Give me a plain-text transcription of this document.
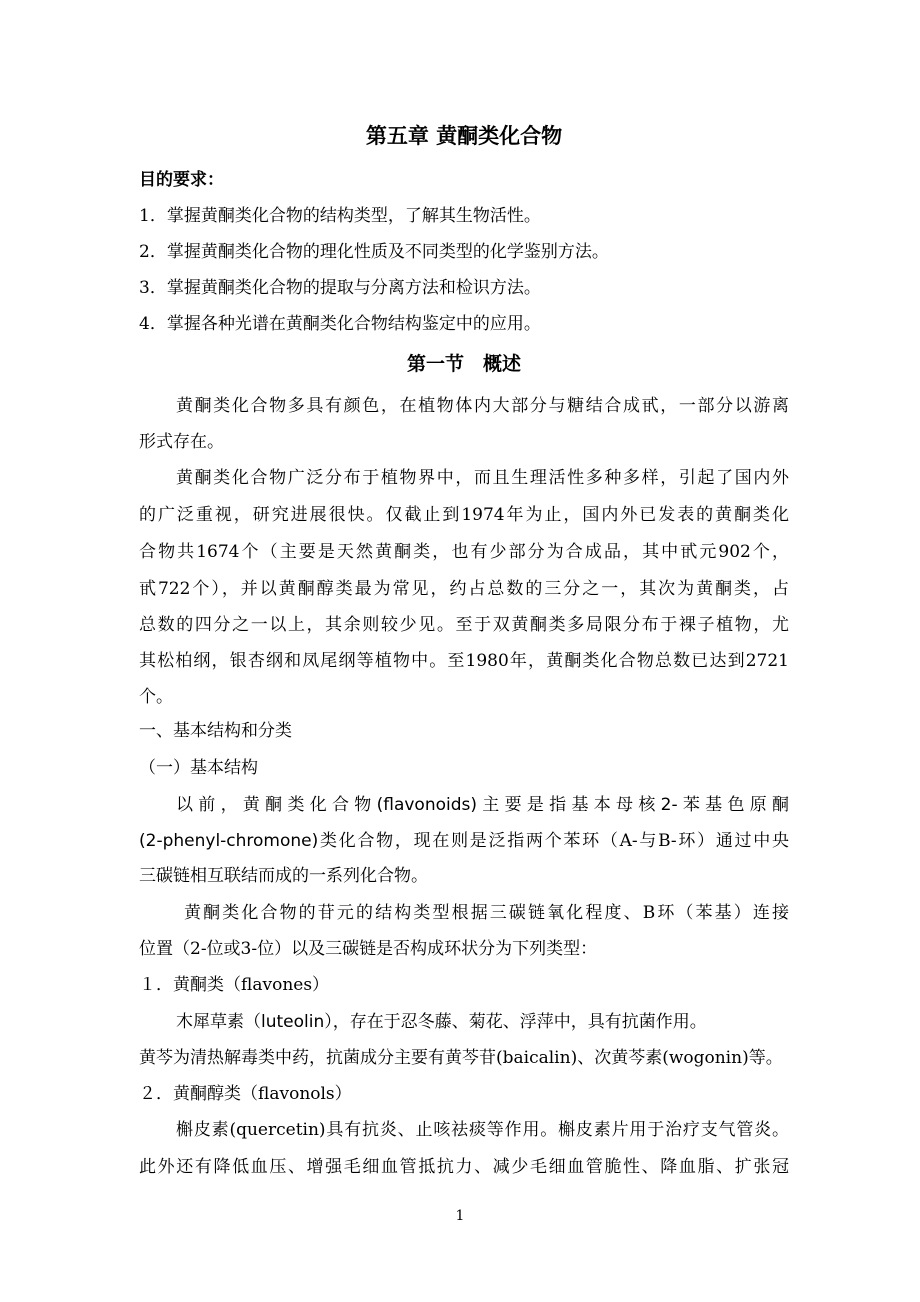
第五章 黄酮类化合物
目的要求：
1．掌握黄酮类化合物的结构类型，了解其生物活性。
2．掌握黄酮类化合物的理化性质及不同类型的化学鉴别方法。
3．掌握黄酮类化合物的提取与分离方法和检识方法。
4．掌握各种光谱在黄酮类化合物结构鉴定中的应用。
第一节　概述
黄酮类化合物多具有颜色，在植物体内大部分与糖结合成甙，一部分以游离
形式存在。
黄酮类化合物广泛分布于植物界中，而且生理活性多种多样，引起了国内外
的广泛重视，研究进展很快。仅截止到1974年为止，国内外已发表的黄酮类化
合物共1674个（主要是天然黄酮类，也有少部分为合成品，其中甙元902个，
甙722个），并以黄酮醇类最为常见，约占总数的三分之一，其次为黄酮类，占
总数的四分之一以上，其余则较少见。至于双黄酮类多局限分布于裸子植物，尤
其松柏纲，银杏纲和凤尾纲等植物中。至1980年，黄酮类化合物总数已达到2721
个。
一、基本结构和分类
（一）基本结构
以前，黄酮类化合物(flavonoids)主要是指基本母核2-苯基色原酮
(2-phenyl-chromone)类化合物，现在则是泛指两个苯环（A-与B-环）通过中央
三碳链相互联结而成的一系列化合物。
黄酮类化合物的苷元的结构类型根据三碳链氧化程度、B环（苯基）连接
位置（2-位或3-位）以及三碳链是否构成环状分为下列类型：
１．黄酮类（flavones）
木犀草素（luteolin），存在于忍冬藤、菊花、浮萍中，具有抗菌作用。
黄芩为清热解毒类中药，抗菌成分主要有黄芩苷(baicalin)、次黄芩素(wogonin)等。
２．黄酮醇类（flavonols）
槲皮素(quercetin)具有抗炎、止咳祛痰等作用。槲皮素片用于治疗支气管炎。
此外还有降低血压、增强毛细血管抵抗力、减少毛细血管脆性、降血脂、扩张冠
1
